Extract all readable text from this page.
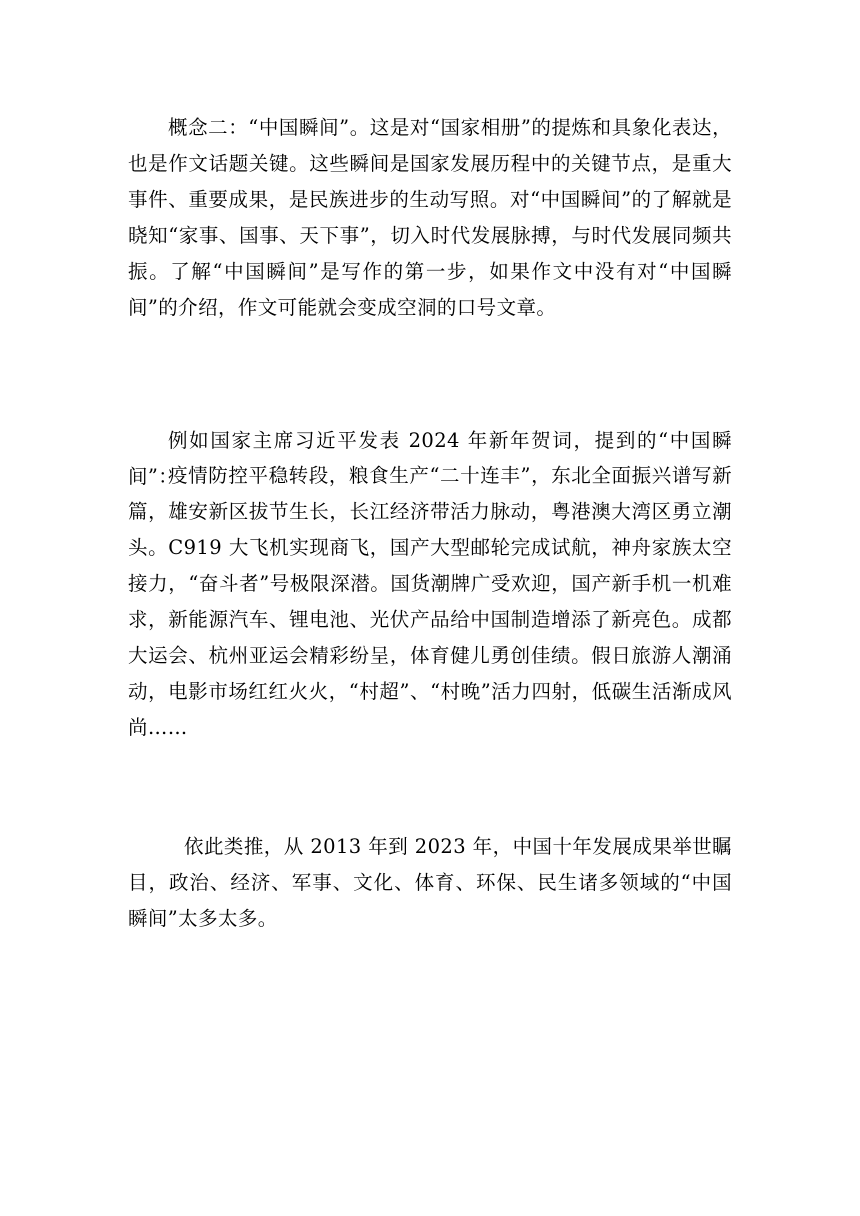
概念二：“中国瞬间”。这是对“国家相册”的提炼和具象化表达，也是作文话题关键。这些瞬间是国家发展历程中的关键节点，是重大事件、重要成果，是民族进步的生动写照。对“中国瞬间”的了解就是晓知“家事、国事、天下事”，切入时代发展脉搏，与时代发展同频共振。了解“中国瞬间”是写作的第一步，如果作文中没有对“中国瞬间”的介绍，作文可能就会变成空洞的口号文章。

例如国家主席习近平发表 2024 年新年贺词，提到的“中国瞬间”：

疫情防控平稳转段，粮食生产“二十连丰”，东北全面振兴谱写新篇，雄安新区拔节生长，长江经济带活力脉动，粤港澳大湾区勇立潮头。C919 大飞机实现商飞，国产大型邮轮完成试航，神舟家族太空接力，“奋斗者”号极限深潜。国货潮牌广受欢迎，国产新手机一机难求，新能源汽车、锂电池、光伏产品给中国制造增添了新亮色。成都大运会、杭州亚运会精彩纷呈，体育健儿勇创佳绩。假日旅游人潮涌动，电影市场红红火火，“村超”、“村晚”活力四射，低碳生活渐成风尚……

依此类推，从 2013 年到 2023 年，中国十年发展成果举世瞩目，政治、经济、军事、文化、体育、环保、民生诸多领域的“中国瞬间”太多太多。
